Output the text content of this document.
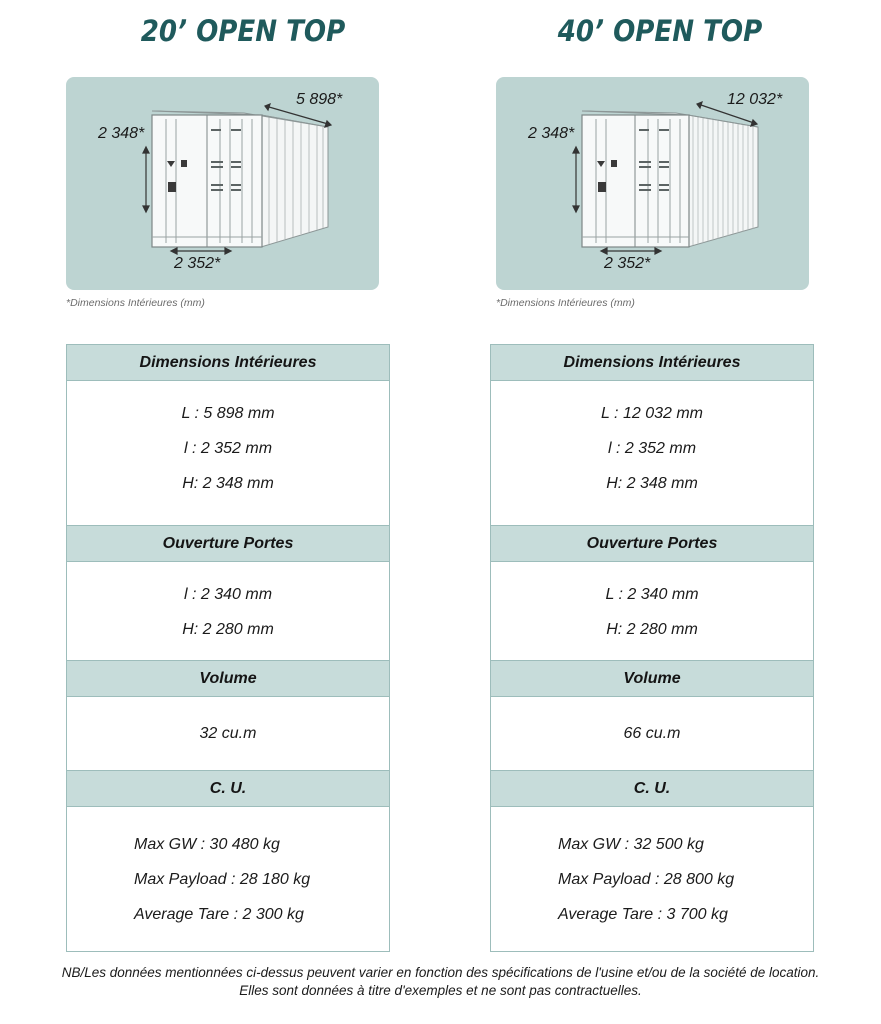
20’ OPEN TOP
5 898*
2 348*
2 352*
*Dimensions Intérieures (mm)
Dimensions Intérieures
L : 5 898 mm
l : 2 352 mm
H: 2 348 mm
Ouverture Portes
l : 2 340 mm
H: 2 280 mm
Volume
32 cu.m
C. U.
Max GW : 30 480 kg
Max Payload : 28 180 kg
Average Tare : 2 300 kg
40’ OPEN TOP
12 032*
2 348*
2 352*
*Dimensions Intérieures (mm)
Dimensions Intérieures
L : 12 032 mm
l : 2 352 mm
H: 2 348 mm
Ouverture Portes
L : 2 340 mm
H: 2 280 mm
Volume
66 cu.m
C. U.
Max GW : 32 500 kg
Max Payload : 28 800 kg
Average Tare : 3 700 kg
NB/Les données mentionnées ci-dessus peuvent varier en fonction des spécifications de l'usine et/ou de la société de location.
Elles sont données à titre d'exemples et ne sont pas contractuelles.
